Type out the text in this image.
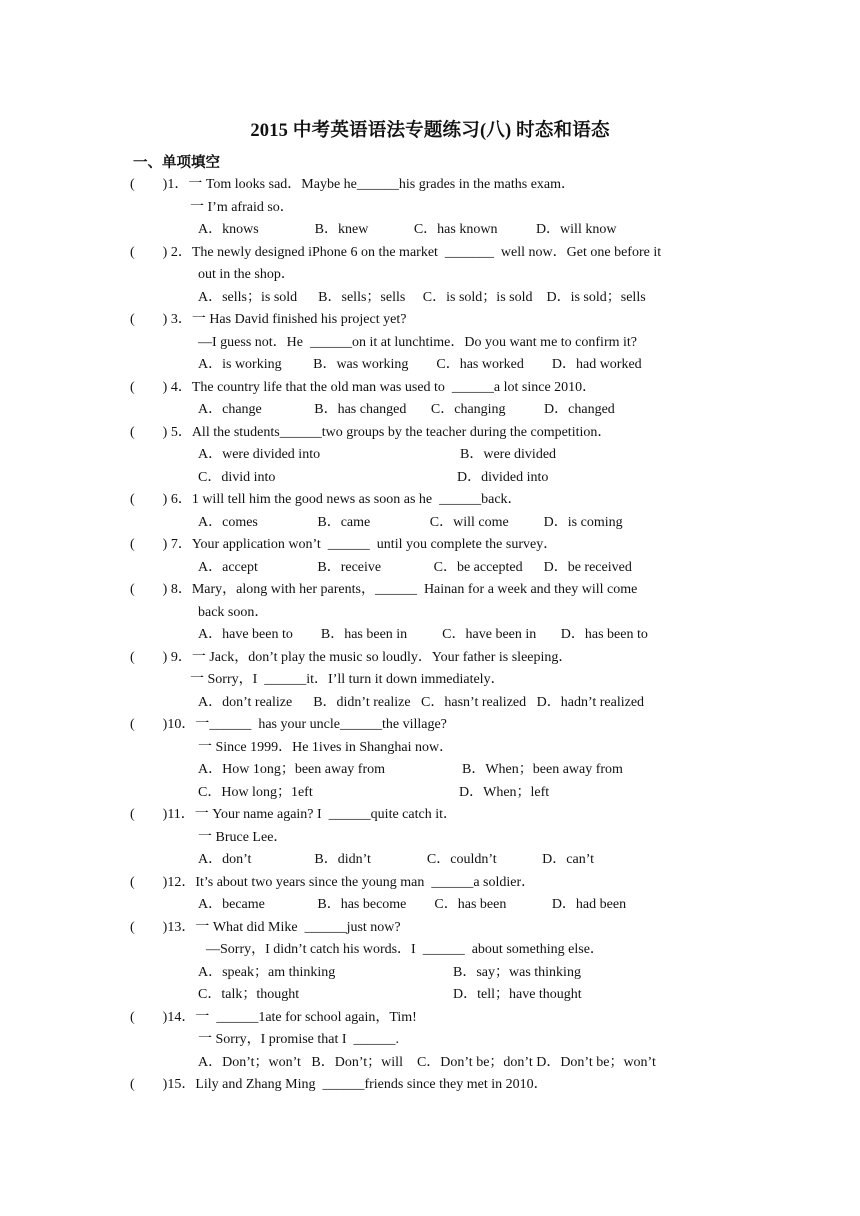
2015 中考英语语法专题练习(八) 时态和语态
一、单项填空
(        )1．一 Tom looks sad．Maybe he______his grades in the maths exam．
一 I’m afraid so．
A．knows                B．knew             C．has known           D．will know
(        ) 2．The newly designed iPhone 6 on the market  _______  well now．Get one before it
out in the shop．
A．sells；is sold      B．sells；sells     C．is sold；is sold    D．is sold；sells
(        ) 3．一 Has David finished his project yet?
—I guess not．He  ______on it at lunchtime．Do you want me to confirm it?
A．is working         B．was working        C．has worked        D．had worked
(        ) 4．The country life that the old man was used to  ______a lot since 2010．
A．change               B．has changed       C．changing           D．changed
(        ) 5．All the students______two groups by the teacher during the competition．
A．were divided into	B．were divided
C．divid into	D．divided into
(        ) 6．1 will tell him the good news as soon as he  ______back．
A．comes                 B．came                 C．will come          D．is coming
(        ) 7．Your application won’t  ______  until you complete the survey．
A．accept                 B．receive               C．be accepted      D．be received
(        ) 8．Mary，along with her parents，______  Hainan for a week and they will come
back soon．
A．have been to        B．has been in          C．have been in       D．has been to
(        ) 9．一 Jack，don’t play the music so loudly．Your father is sleeping．
一 Sorry，I  ______it．I’ll turn it down immediately．
A．don’t realize      B．didn’t realize   C．hasn’t realized   D．hadn’t realized
(        )10．一______  has your uncle______the village?
一 Since 1999．He 1ives in Shanghai now．
A．How 1ong；been away from	B．When；been away from
C．How long；1eft	D．When；left
(        )11．一 Your name again? I  ______quite catch it．
一 Bruce Lee．
A．don’t                  B．didn’t                C．couldn’t             D．can’t
(        )12．It’s about two years since the young man  ______a soldier．
A．became               B．has become        C．has been             D．had been
(        )13．一 What did Mike  ______just now?
—Sorry，I didn’t catch his words．I  ______  about something else．
A．speak；am thinking	B．say；was thinking
C．talk；thought	D．tell；have thought
(        )14．一  ______1ate for school again，Tim!
一 Sorry，I promise that I  ______.
A．Don’t；won’t   B．Don’t；will    C．Don’t be；don’t D．Don’t be；won’t
(        )15．Lily and Zhang Ming  ______friends since they met in 2010．
